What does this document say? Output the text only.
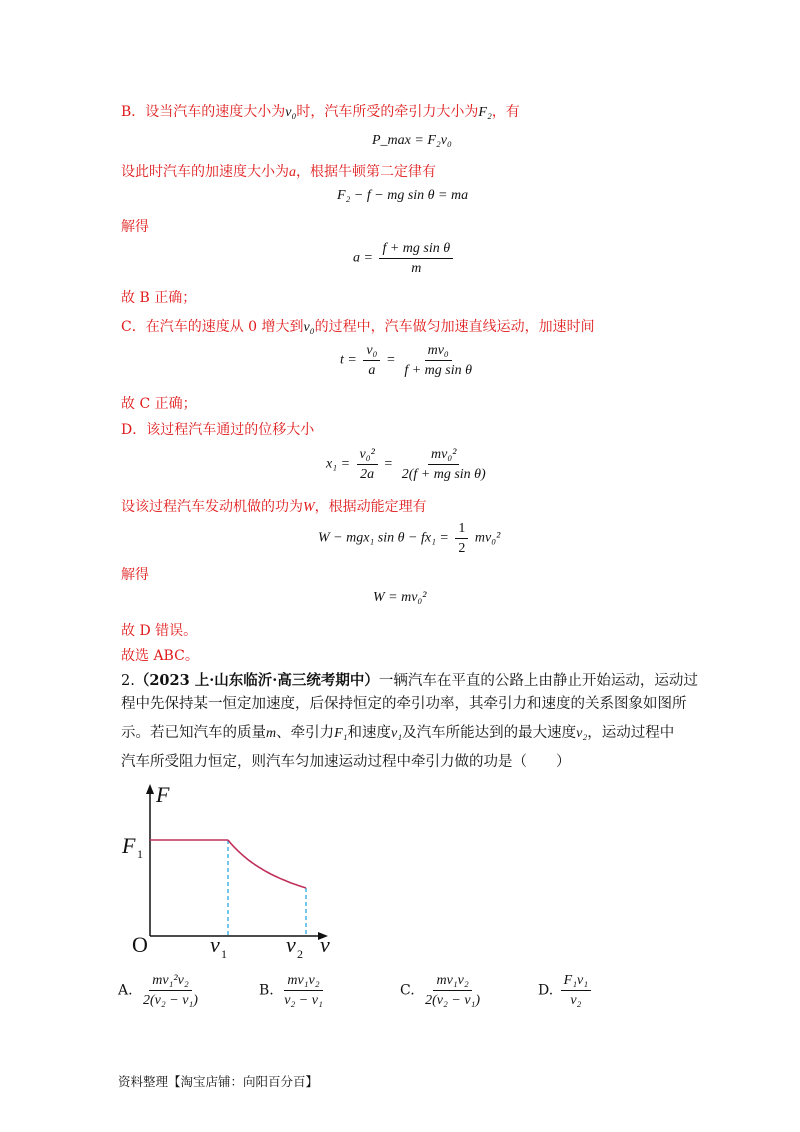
B．设当汽车的速度大小为v₀时，汽车所受的牵引力大小为F₂，有
P_max = F₂v₀
设此时汽车的加速度大小为a，根据牛顿第二定律有
F₂ − f − mg sin θ = ma
解得
$a = \frac{\text{f + mg sin θ}}{m}$
故 B 正确；
C．在汽车的速度从 0 增大到v₀的过程中，汽车做匀加速直线运动，加速时间
$t = \frac{\text{v₀}}{a} = \frac{\text{mv₀}}{\text{f + mg sin θ}}$
故 C 正确；
D．该过程汽车通过的位移大小
$x_1 = \frac{\text{v₀²}}{2a} = \frac{\text{mv₀²}}{\text{2(f + mg sin θ)}}$
设该过程汽车发动机做的功为W，根据动能定理有
W − mgx₁ $\sin \theta - fx_1 = \frac{1}{2} mv_0^2$
解得
W = mv₀²
故 D 错误。
故选 ABC。
2.（2023 上·山东临沂·高三统考期中）一辆汽车在平直的公路上由静止开始运动，运动过
程中先保持某一恒定加速度，后保持恒定的牵引功率，其牵引力和速度的关系图象如图所
示。若已知汽车的质量m、牵引力F₁和速度v₁及汽车所能达到的最大速度v₂，运动过程中
汽车所受阻力恒定，则汽车匀加速运动过程中牵引力做的功是（　　）
F
v
O
F 1
v 1	v 2
A. $\frac{\text{mv₁²v₂}}{\text{2(v₂ − v₁)}}$	B. $\frac{\text{mv₁v₂}}{\text{v₂ − v₁}}$	C. $\frac{\text{mv₁v₂}}{\text{2(v₂ − v₁)}}$	D. $\frac{\text{F₁v₁}}{\text{v₂}}$
资料整理【淘宝店铺：向阳百分百】
